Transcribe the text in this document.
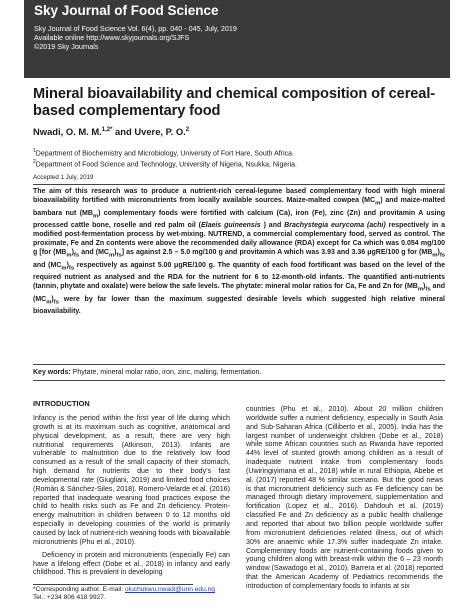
Sky Journal of Food Science
Sky Journal of Food Science Vol. 6(4), pp. 040 - 045, July, 2019
Available online http://www.skyjournals.org/SJFS
©2019 Sky Journals
Mineral bioavailability and chemical composition of cereal-based complementary food
Nwadi, O. M. M.$^{1,2*}$ and Uvere, P. O.$^2$
$^1$Department of Biochemistry and Microbiology, University of Fort Hare, South Africa.
$^2$Department of Food Science and Technology, University of Nigeria, Nsukka, Nigeria.
Accepted 1 July, 2019
The aim of this research was to produce a nutrient-rich cereal-legume based complementary food with high mineral bioavailability fortified with micronutrients from locally available sources. Maize-malted cowpea $(MC_m)$ and maize-malted bambara nut $(MB_m)$ complementary foods were fortified with calcium (Ca), iron (Fe), zinc (Zn) and provitamin A using processed cattle bone, roselle and red palm oil (Elaeis guineensis ) and Brachystegia eurycoma (achi) respectively in a modified post-fermentation process by wet-mixing. NUTREND, a commercial complementary food, served as control. The proximate, Fe and Zn contents were above the recommended daily allowance (RDA) except for Ca which was 0.054 mg/100 g [for $(MB_m)_{fs}$ and $(MC_m)_{fs}$] as against 2.5 – 5.0 mg/100 g and provitamin A which was 3.93 and 3.36 μgRE/100 g for $(MB_m)_{fs}$ and $(MC_m)_{fs}$ respectively as against 5.00 μgRE/100 g. The quantity of each food fortificant was based on the level of the required nutrient as analysed and the RDA for the nutrient for 6 to 12-month-old infants. The quantified anti-nutrients (tannin, phytate and oxalate) were below the safe levels. The phytate: mineral molar ratios for Ca, Fe and Zn for $(MB_m)_{fs}$ and $(MC_m)_{fs}$ were by far lower than the maximum suggested desirable levels which suggested high relative mineral bioavailability.
Key words: Phytate, mineral molar ratio, iron, zinc, malting, fermentation.
INTRODUCTION

Infancy is the period within the first year of life during which growth is at its maximum such as cognitive, anatomical and physical development, as a result, there are very high nutritional requirements (Atkinson, 2013). Infants are vulnerable to malnutrition due to the relatively low food consumed as a result of the small capacity of their stomach, high demand for nutrients due to their body’s fast developmental rate (Giugliani, 2019) and limited food choices (Román & Sánchez-Siles, 2018). Romero-Velarde et al. (2016) reported that inadequate weaning food practices expose the child to health risks such as Fe and Zn deficiency. Protein-energy malnutrition in children between 0 to 12 months old especially in developing countries of the world is primarily caused by lack of nutrient-rich weaning foods with bioavailable micronutrients (Phu et al., 2010).

Deficiency in protein and micronutrients (especially Fe) can have a lifelong effect (Dobe et al., 2018) in infancy and early childhood. This is prevalent in developing

countries (Phu et al., 2010). About 20 million children worldwide suffer a nutrient deficiency, especially in South Asia and Sub-Saharan Africa (Cilliberto et al., 2005). India has the largest number of underweight children (Dobe et al., 2018) while some African countries such as Rwanda have reported 44% level of stunted growth among children as a result of inadequate nutrient intake from complementary foods (Uwiringiyimana et al., 2018) while in rural Ethiopia, Abebe et al. (2017) reported 48 % similar scenario. But the good news is that micronutrient deficiency such as Fe deficiency can be managed through dietary improvement, supplementation and fortification (Lopez et al., 2016). Dahdouh et al. (2019) classified Fe and Zn deficiency as a public health challenge and reported that about two billion people worldwide suffer from micronutrient deficiencies related illness, out of which 30% are anaemic while 17.3% suffer inadequate Zn intake. Complementary foods are nutrient-containing foods given to young children along with breast-milk within the 6 – 23 month window (Sawadogo et al., 2010). Barrera et al. (2018) reported that the American Academy of Pediatrics recommends the introduction of complementary foods to infants at six

*Corresponding author. E-mail: oluchukwu.nwadi@unn.edu.ng
Tel.: +234 806 418 9927.
